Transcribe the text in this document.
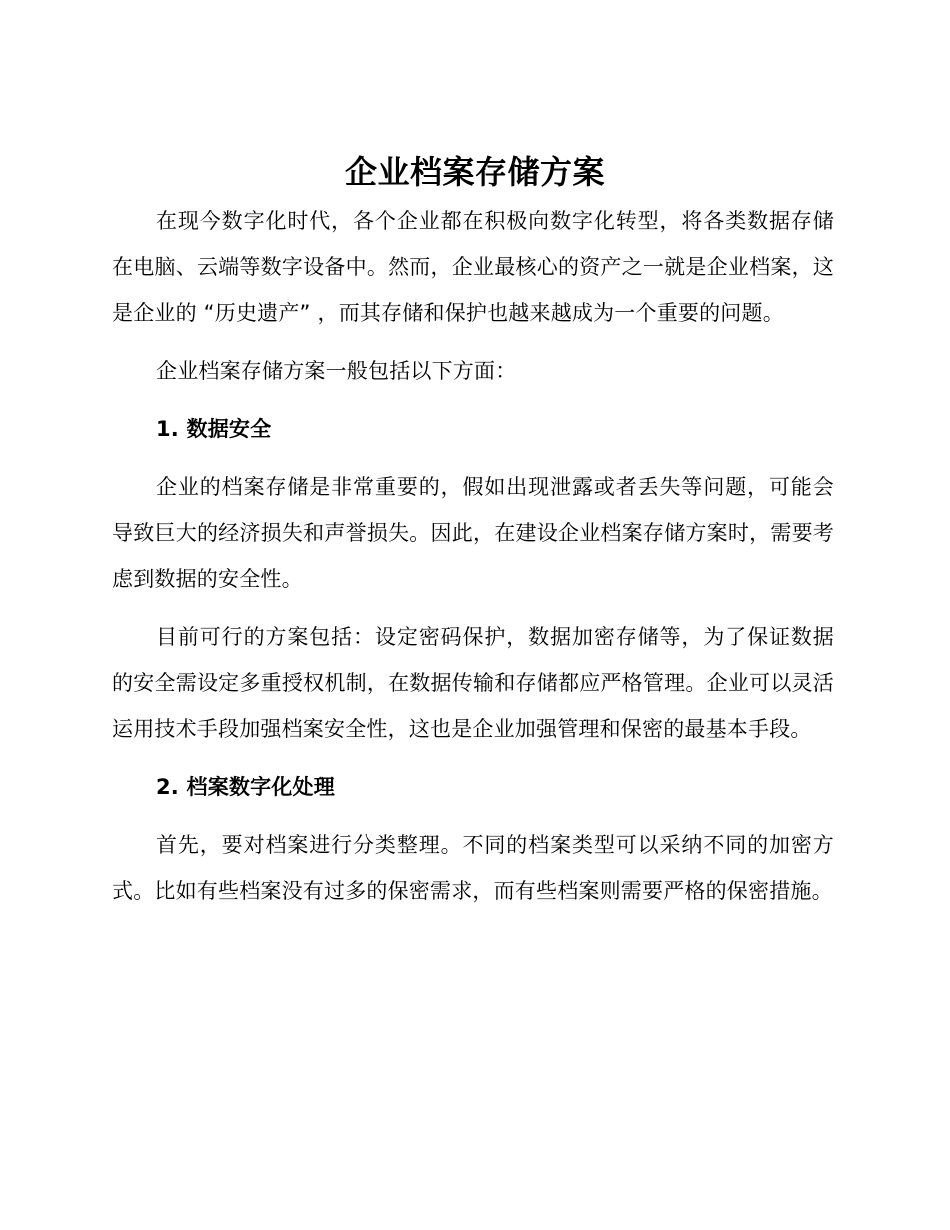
企业档案存储方案

在现今数字化时代，各个企业都在积极向数字化转型，将各类数据存储在电脑、云端等数字设备中。然而，企业最核心的资产之一就是企业档案，这是企业的 “历史遗产” ，而其存储和保护也越来越成为一个重要的问题。

企业档案存储方案一般包括以下方面：

1. 数据安全

企业的档案存储是非常重要的，假如出现泄露或者丢失等问题，可能会导致巨大的经济损失和声誉损失。因此，在建设企业档案存储方案时，需要考虑到数据的安全性。

目前可行的方案包括：设定密码保护，数据加密存储等，为了保证数据的安全需设定多重授权机制，在数据传输和存储都应严格管理。企业可以灵活运用技术手段加强档案安全性，这也是企业加强管理和保密的最基本手段。

2. 档案数字化处理

首先，要对档案进行分类整理。不同的档案类型可以采纳不同的加密方式。比如有些档案没有过多的保密需求，而有些档案则需要严格的保密措施。
